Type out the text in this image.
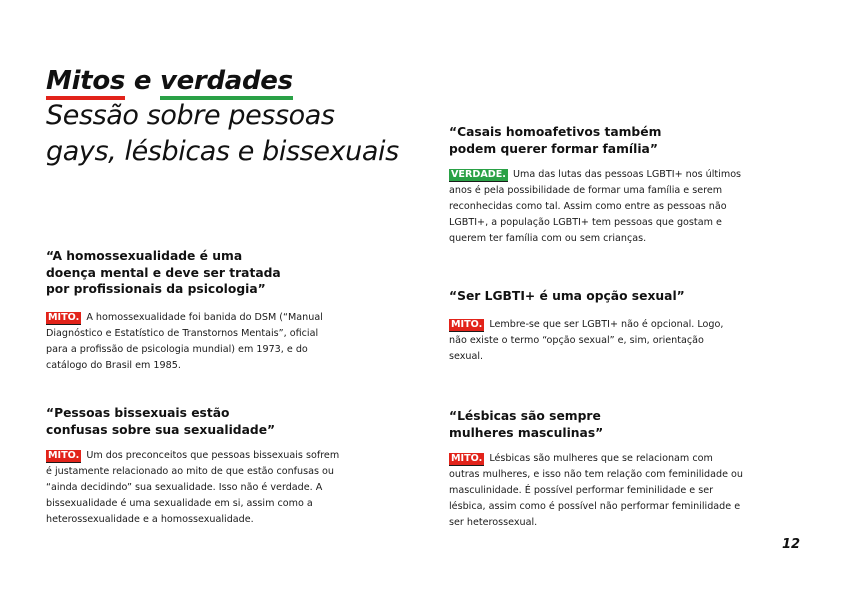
Mitos e verdades
Sessão sobre pessoas
gays, lésbicas e bissexuais
“A homossexualidade é uma doença mental e deve ser tratada por profissionais da psicologia”
MITO. A homossexualidade foi banida do DSM (“Manual Diagnóstico e Estatístico de Transtornos Mentais”, oficial para a profissão de psicologia mundial) em 1973, e do catálogo do Brasil em 1985.
“Pessoas bissexuais estão confusas sobre sua sexualidade”
MITO. Um dos preconceitos que pessoas bissexuais sofrem é justamente relacionado ao mito de que estão confusas ou “ainda decidindo” sua sexualidade. Isso não é verdade. A bissexualidade é uma sexualidade em si, assim como a heterossexualidade e a homossexualidade.
“Casais homoafetivos também podem querer formar família”
VERDADE. Uma das lutas das pessoas LGBTI+ nos últimos anos é pela possibilidade de formar uma família e serem reconhecidas como tal. Assim como entre as pessoas não LGBTI+, a população LGBTI+ tem pessoas que gostam e querem ter família com ou sem crianças.
“Ser LGBTI+ é uma opção sexual”
MITO. Lembre-se que ser LGBTI+ não é opcional. Logo, não existe o termo “opção sexual” e, sim, orientação sexual.
“Lésbicas são sempre mulheres masculinas”
MITO. Lésbicas são mulheres que se relacionam com outras mulheres, e isso não tem relação com feminilidade ou masculinidade. É possível performar feminilidade e ser lésbica, assim como é possível não performar feminilidade e ser heterossexual.
12
